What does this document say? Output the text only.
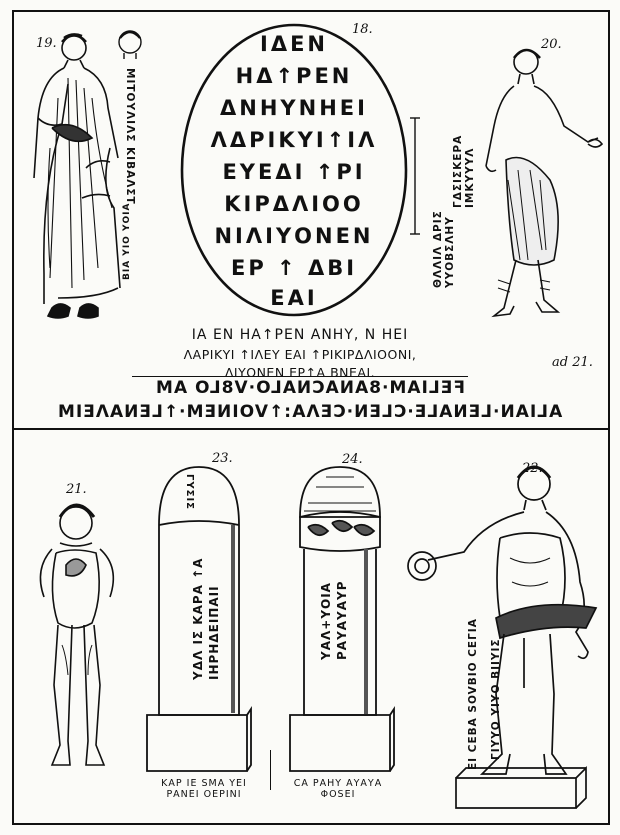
19.
18.
20.
ΜΙΤΟΥΛΙΛΣ ΚΙΒΑΛΣΤ
ΒΙΑ ΥΙΟ ΥΟΙΑ
ΙΔΕΝ
ΗΔ↑ΡΕΝ
ΔΝΗΥΝΗΕΙ
ΛΔΡΙΚΥΙ↑ΙΛ
ΕΥΕΔΙ ↑ΡΙ
ΚΙΡΔΛΙΟΟ
ΝΙΛΙΥΟΝΕΝ
ΕΡ ↑ ΔΒΙ
ΕΑΙ
ΓΔΣΙΣΚΕΡΑ ΙΜΚΥΥΥΛ
ΘΛΛΙΛ ΔΡΙΣ ΥΥΟΒΣΛΗΥ
ΙΑ ΕΝ ΗΑ↑ΡΕΝ ΑΝΗΥ, Ν ΗΕΙ
ΛΑΡΙΚΥΙ ↑ΙΛΕΥ ΕΑΙ ↑ΡΙΚΙΡΔΛΙΟΟΝΙ,
ΛΙΥΟΝΕΝ ΕΡ↑Α ΒΝΕΑΙ.
ad 21.
FELIAM·8ANACNALO·V8LO AM
ALIAN·LENALE·CLEN·CEΛA:↑VOINEM·↑LENAΛEIM
21.
23.	24.
22.
ΓΥΣΙΣ
ΥΔΛ ΙΣ ΚΑΡΑ ↑Α ΙΗΡΗΔΕΙΠΑΙΙ
ΚΑΡ ΙΕ SΜΑ ΥΕΙ
ΡΑΝΕΙ ΟΕΡΙΝΙ
ΥΑΛ+ΥΟΙΑ ΡΑΥΑΥΑΥΡ
CΑ ΡΑΗΥ ΑΥΑΥΑ
ΦΟSΕΙ
ΕΙ CΕΒΑ SOVBIO CΕΓΙΑ ΓΙΥΥΟ ΥΙΥΟ ΒΙΙΥΙΣ
